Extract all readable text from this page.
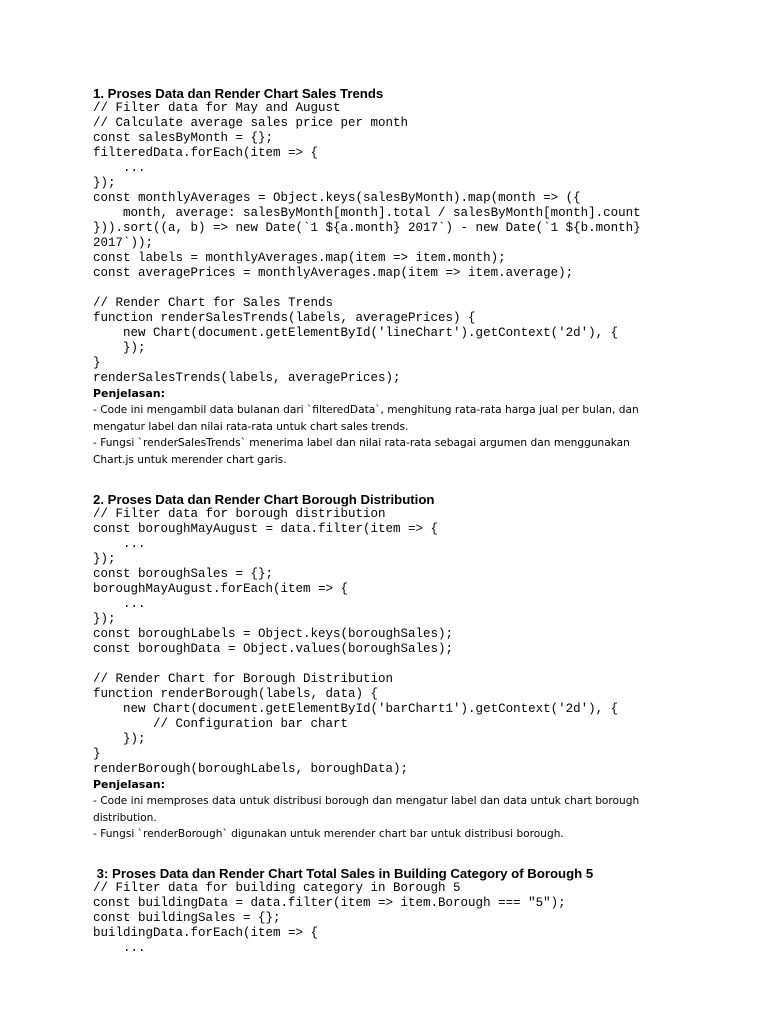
1. Proses Data dan Render Chart Sales Trends
// Filter data for May and August
// Calculate average sales price per month
const salesByMonth = {};
filteredData.forEach(item => {
...
});
const monthlyAverages = Object.keys(salesByMonth).map(month => ({
month, average: salesByMonth[month].total / salesByMonth[month].count
})).sort((a, b) => new Date(`1 ${a.month} 2017`) - new Date(`1 ${b.month}
2017`));
const labels = monthlyAverages.map(item => item.month);
const averagePrices = monthlyAverages.map(item => item.average);
// Render Chart for Sales Trends
function renderSalesTrends(labels, averagePrices) {
new Chart(document.getElementById('lineChart').getContext('2d'), {
});
}
renderSalesTrends(labels, averagePrices);
Penjelasan:
- Code ini mengambil data bulanan dari `filteredData`, menghitung rata-rata harga jual per bulan, dan mengatur label dan nilai rata-rata untuk chart sales trends.
- Fungsi `renderSalesTrends` menerima label dan nilai rata-rata sebagai argumen dan menggunakan Chart.js untuk merender chart garis.
2. Proses Data dan Render Chart Borough Distribution
// Filter data for borough distribution
const boroughMayAugust = data.filter(item => {
...
});
const boroughSales = {};
boroughMayAugust.forEach(item => {
...
});
const boroughLabels = Object.keys(boroughSales);
const boroughData = Object.values(boroughSales);
// Render Chart for Borough Distribution
function renderBorough(labels, data) {
new Chart(document.getElementById('barChart1').getContext('2d'), {
// Configuration bar chart
});
}
renderBorough(boroughLabels, boroughData);
Penjelasan:
- Code ini memproses data untuk distribusi borough dan mengatur label dan data untuk chart borough distribution.
- Fungsi `renderBorough` digunakan untuk merender chart bar untuk distribusi borough.
3: Proses Data dan Render Chart Total Sales in Building Category of Borough 5
// Filter data for building category in Borough 5
const buildingData = data.filter(item => item.Borough === "5");
const buildingSales = {};
buildingData.forEach(item => {
...
